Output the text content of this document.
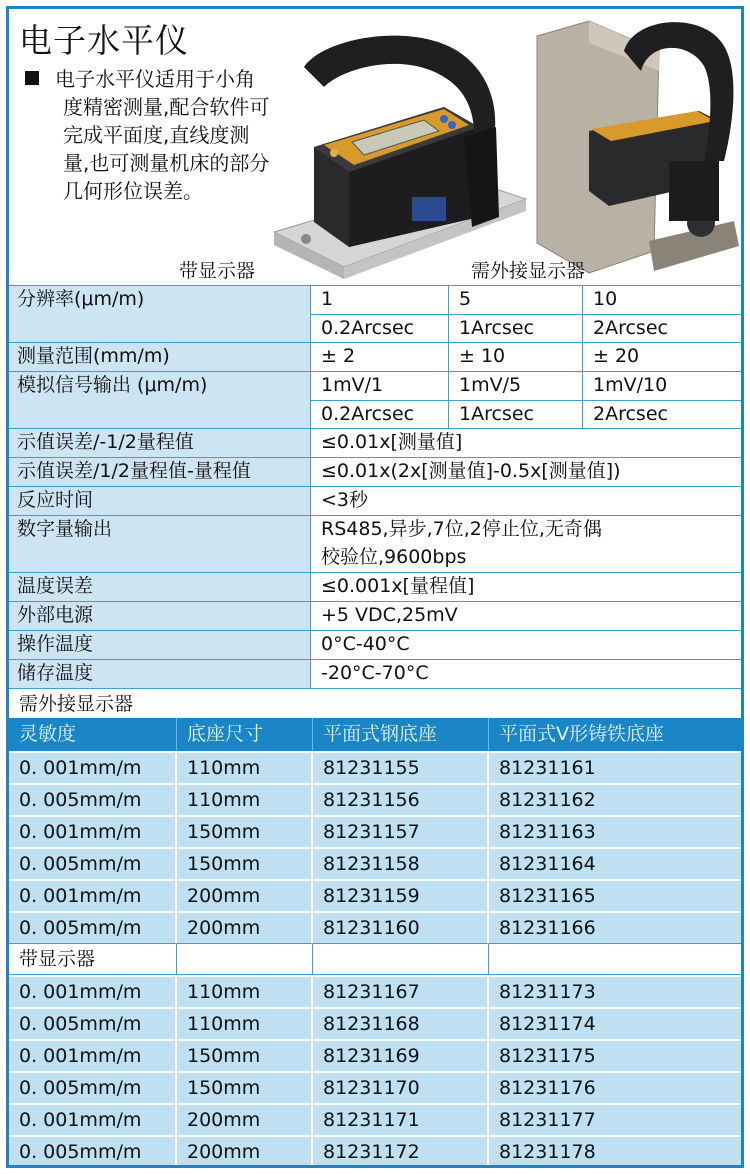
电子水平仪
电子水平仪适用于小角
度精密测量,配合软件可
完成平面度,直线度测
量,也可测量机床的部分
几何形位误差。
带显示器	需外接显示器
分辨率(μm/m)	1	5	10
0.2Arcsec	1Arcsec	2Arcsec
测量范围(mm/m)	± 2	± 10	± 20
模拟信号输出 (μm/m)	1mV/1	1mV/5	1mV/10
0.2Arcsec	1Arcsec	2Arcsec
示值误差/-1/2量程值	≤0.01x[测量值]
示值误差/1/2量程值-量程值	≤0.01x(2x[测量值]-0.5x[测量值])
反应时间	<3秒
数字量输出	RS485,异步,7位,2停止位,无奇偶
校验位,9600bps
温度误差	≤0.001x[量程值]
外部电源	+5 VDC,25mV
操作温度	0°C-40°C
储存温度	-20°C-70°C
需外接显示器
灵敏度	底座尺寸	平面式钢底座	平面式V形铸铁底座
0. 001mm/m	110mm	81231155	81231161
0. 005mm/m	110mm	81231156	81231162
0. 001mm/m	150mm	81231157	81231163
0. 005mm/m	150mm	81231158	81231164
0. 001mm/m	200mm	81231159	81231165
0. 005mm/m	200mm	81231160	81231166
带显示器
0. 001mm/m	110mm	81231167	81231173
0. 005mm/m	110mm	81231168	81231174
0. 001mm/m	150mm	81231169	81231175
0. 005mm/m	150mm	81231170	81231176
0. 001mm/m	200mm	81231171	81231177
0. 005mm/m	200mm	81231172	81231178
